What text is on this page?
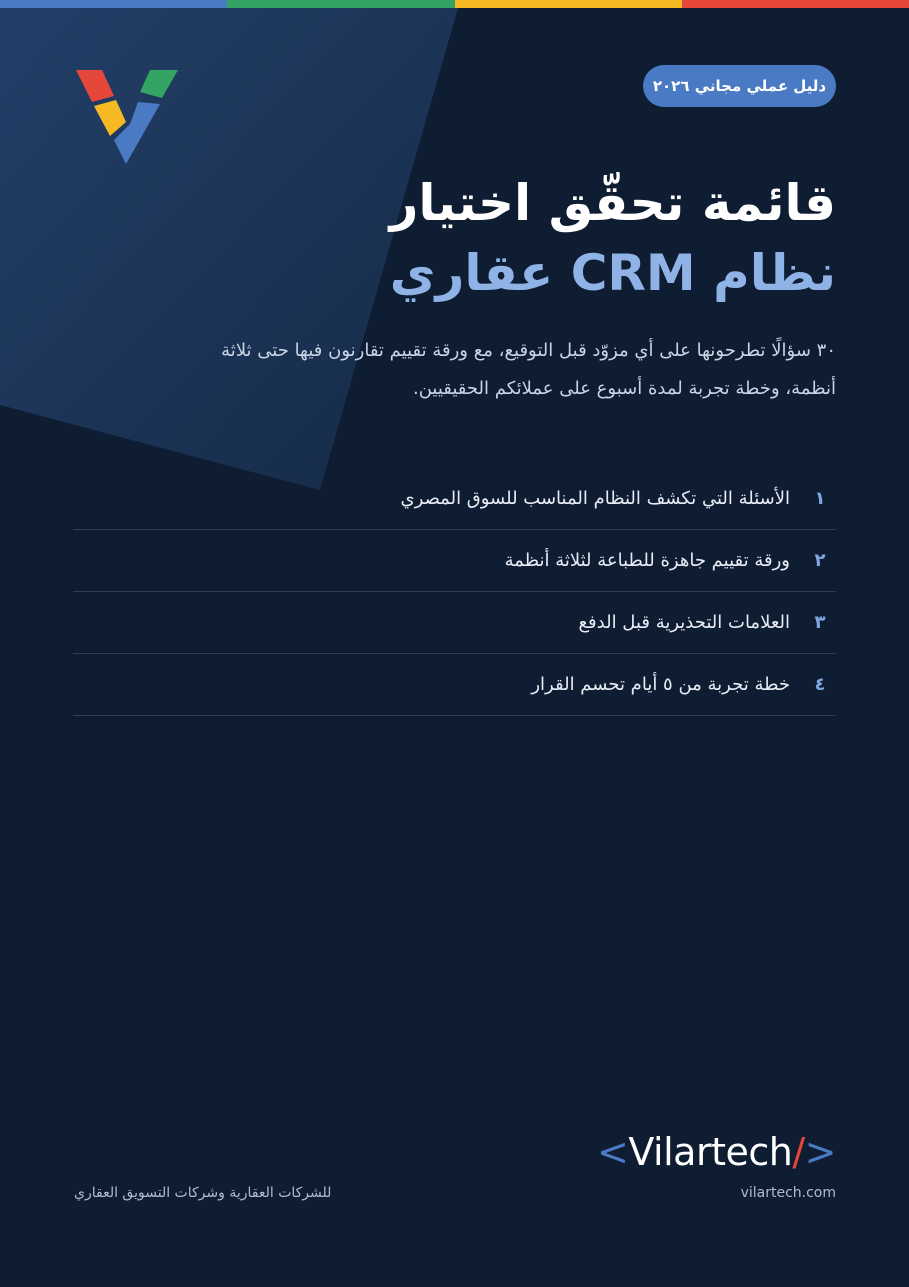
دليل عملي مجاني ٢٠٢٦
قائمة تحقّق اختيار
نظام CRM عقاري
٣٠ سؤالًا تطرحونها على أي مزوّد قبل التوقيع، مع ورقة تقييم تقارنون فيها حتى ثلاثة أنظمة، وخطة تجربة لمدة أسبوع على عملائكم الحقيقيين.
١
الأسئلة التي تكشف النظام المناسب للسوق المصري
٢
ورقة تقييم جاهزة للطباعة لثلاثة أنظمة
٣
العلامات التحذيرية قبل الدفع
٤
خطة تجربة من ٥ أيام تحسم القرار
<Vilartech/>
vilartech.com
للشركات العقارية وشركات التسويق العقاري
